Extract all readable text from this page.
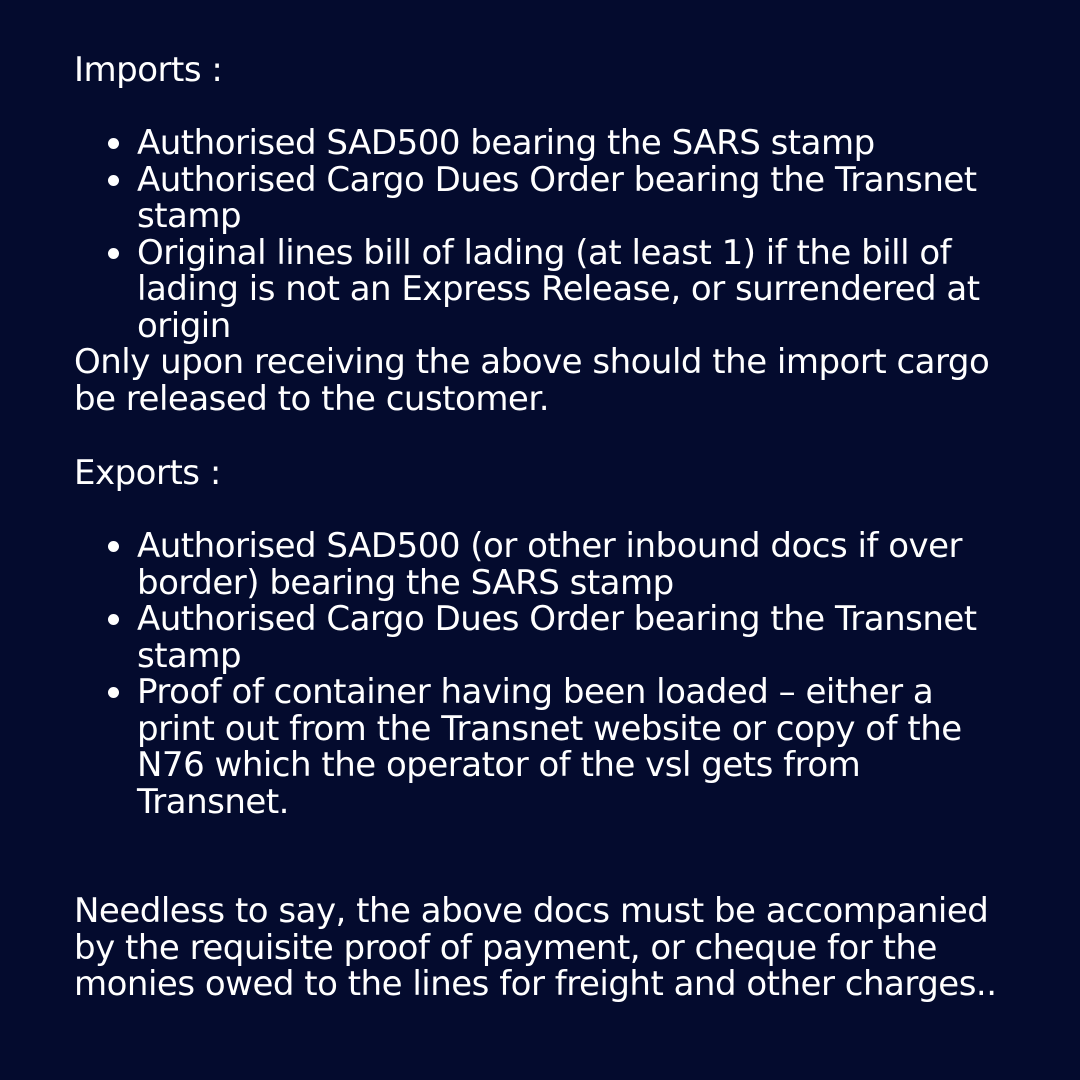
Imports :

Authorised SAD500 bearing the SARS stamp
Authorised Cargo Dues Order bearing the Transnet stamp
Original lines bill of lading (at least 1) if the bill of lading is not an Express Release, or surrendered at origin

Only upon receiving the above should the import cargo be released to the customer.

Exports :

Authorised SAD500 (or other inbound docs if over border) bearing the SARS stamp
Authorised Cargo Dues Order bearing the Transnet stamp
Proof of container having been loaded – either a print out from the Transnet website or copy of the N76 which the operator of the vsl gets from Transnet.

Needless to say, the above docs must be accompanied by the requisite proof of payment, or cheque for the monies owed to the lines for freight and other charges..
